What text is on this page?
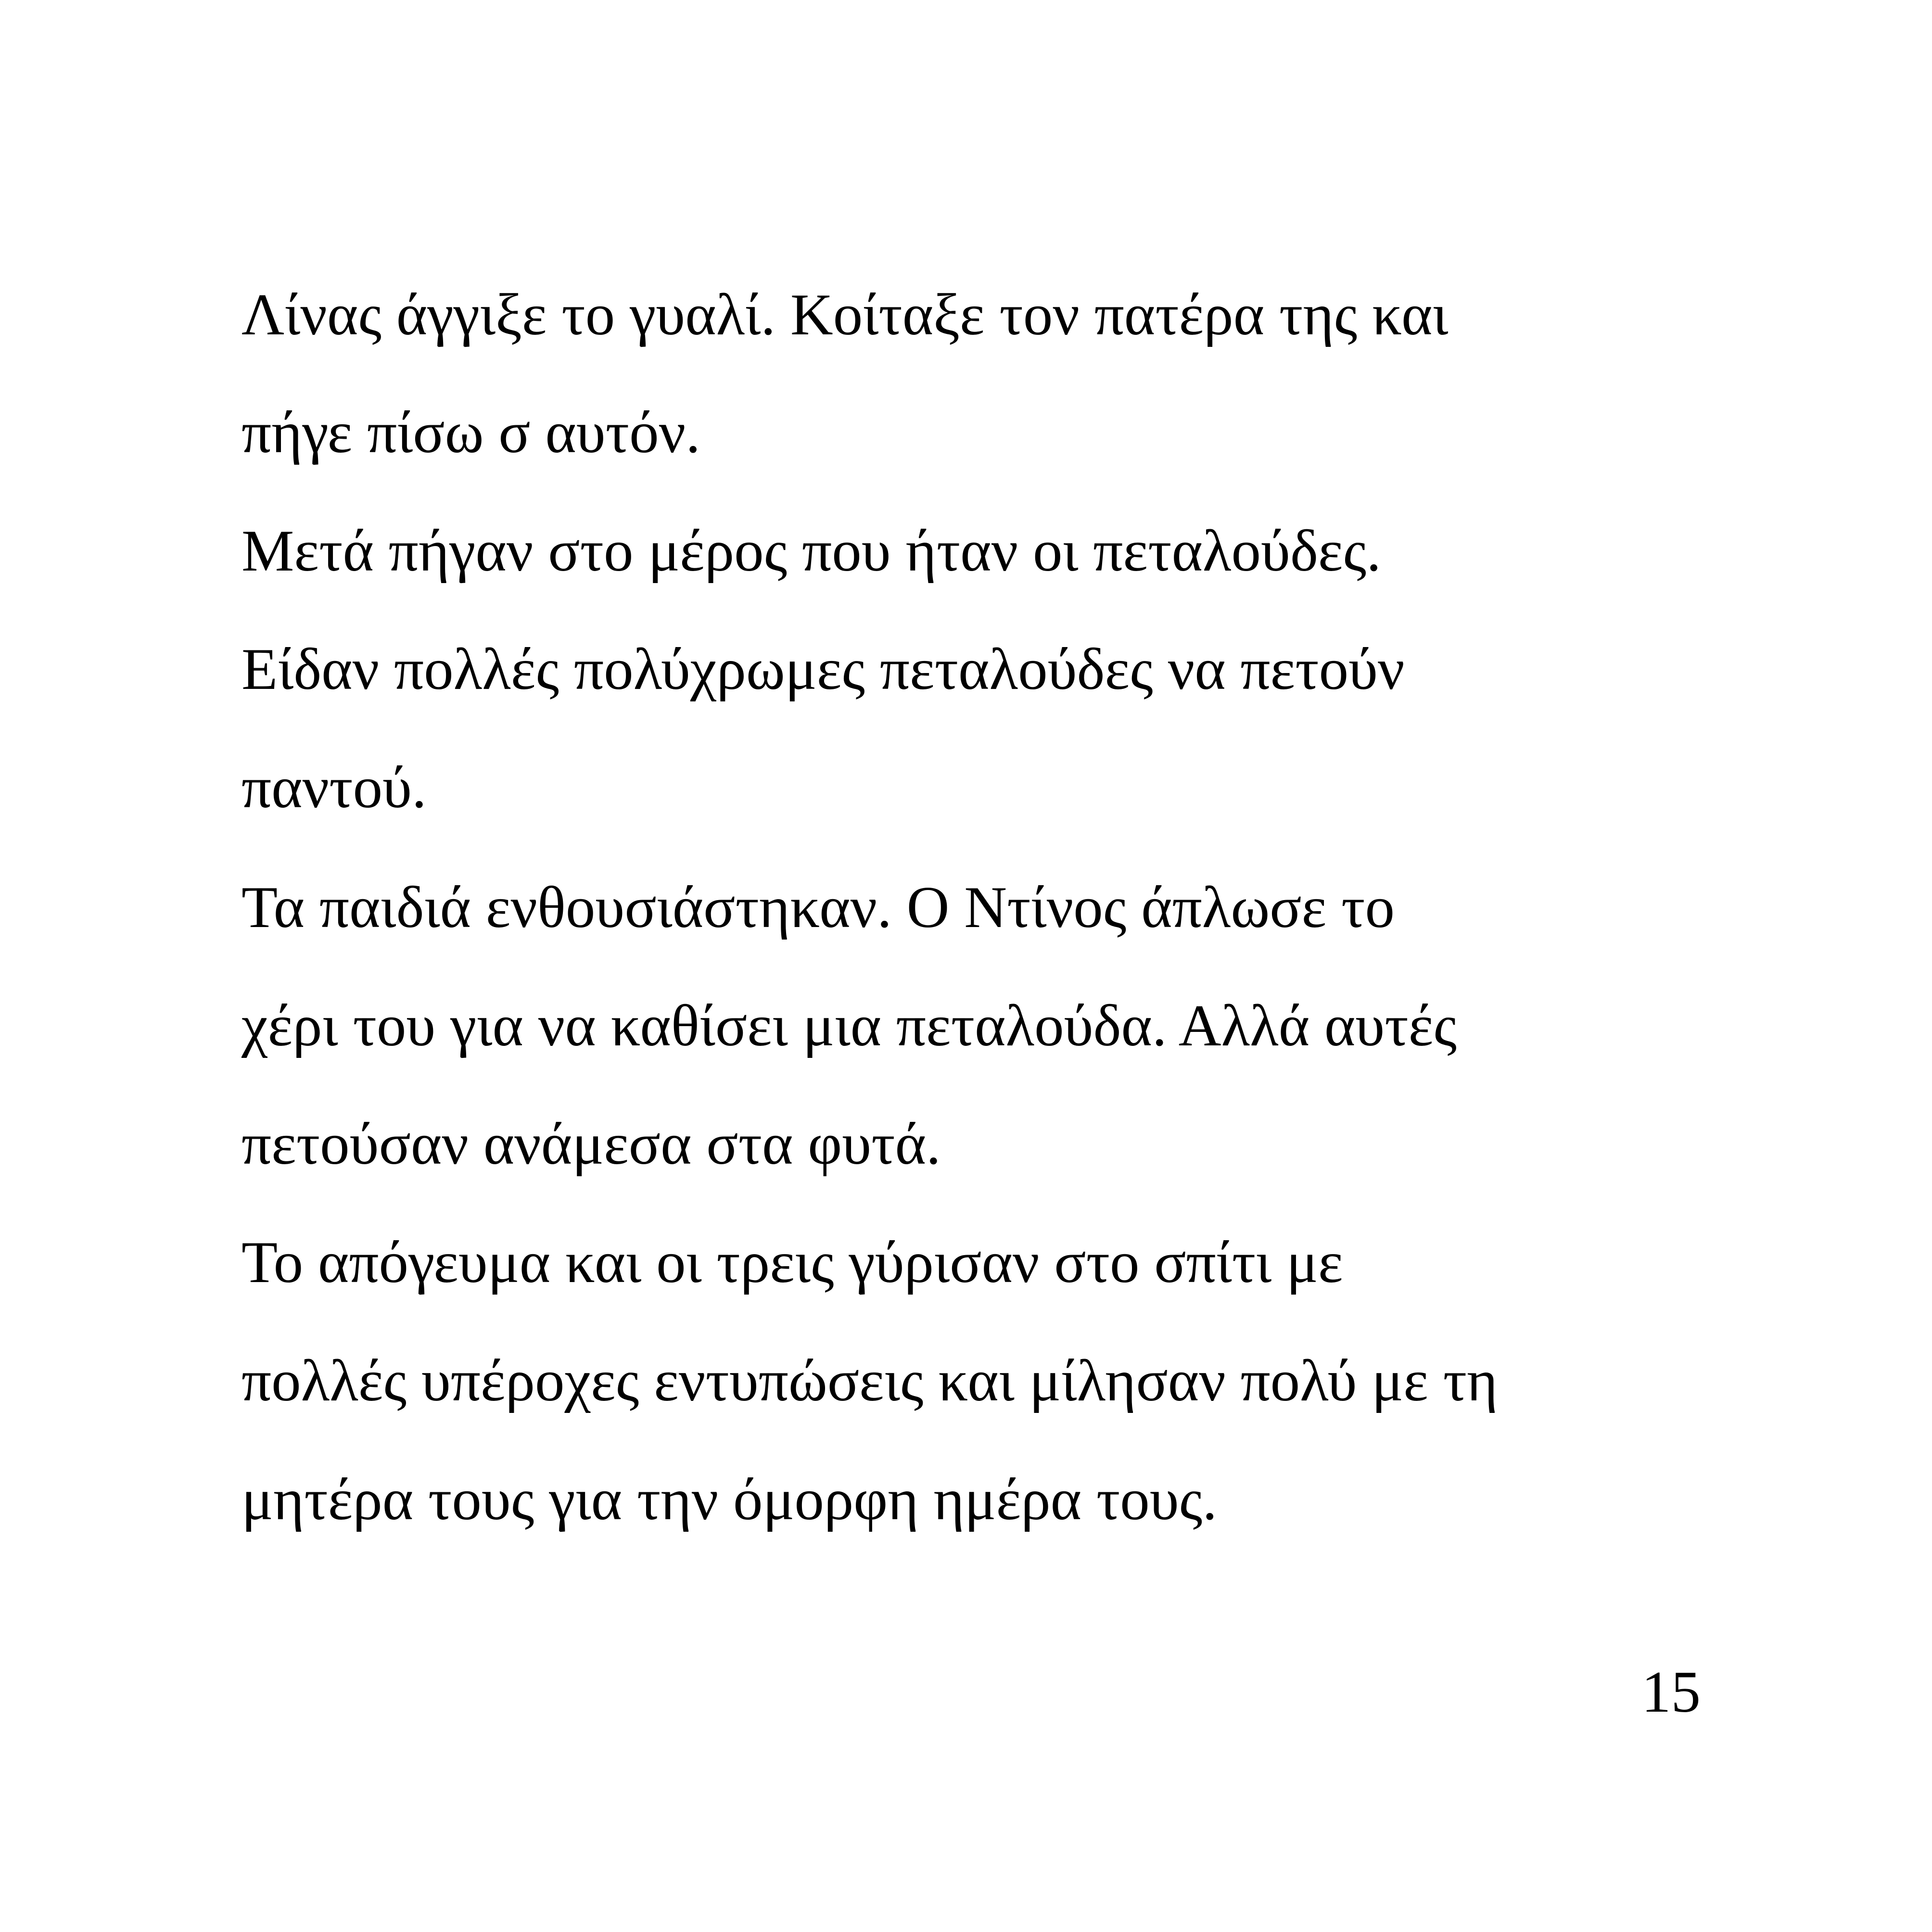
Λίνας άγγιξε το γυαλί. Κοίταξε τον πατέρα της και
πήγε πίσω σ αυτόν.
Μετά πήγαν στο μέρος που ήταν οι πεταλούδες.
Είδαν πολλές πολύχρωμες πεταλούδες να πετούν
παντού.
Τα παιδιά ενθουσιάστηκαν. Ο Ντίνος άπλωσε το
χέρι του για να καθίσει μια πεταλούδα. Αλλά αυτές
πετούσαν ανάμεσα στα φυτά.
Το απόγευμα και οι τρεις γύρισαν στο σπίτι με
πολλές υπέροχες εντυπώσεις και μίλησαν πολύ με τη
μητέρα τους για την όμορφη ημέρα τους.
15
